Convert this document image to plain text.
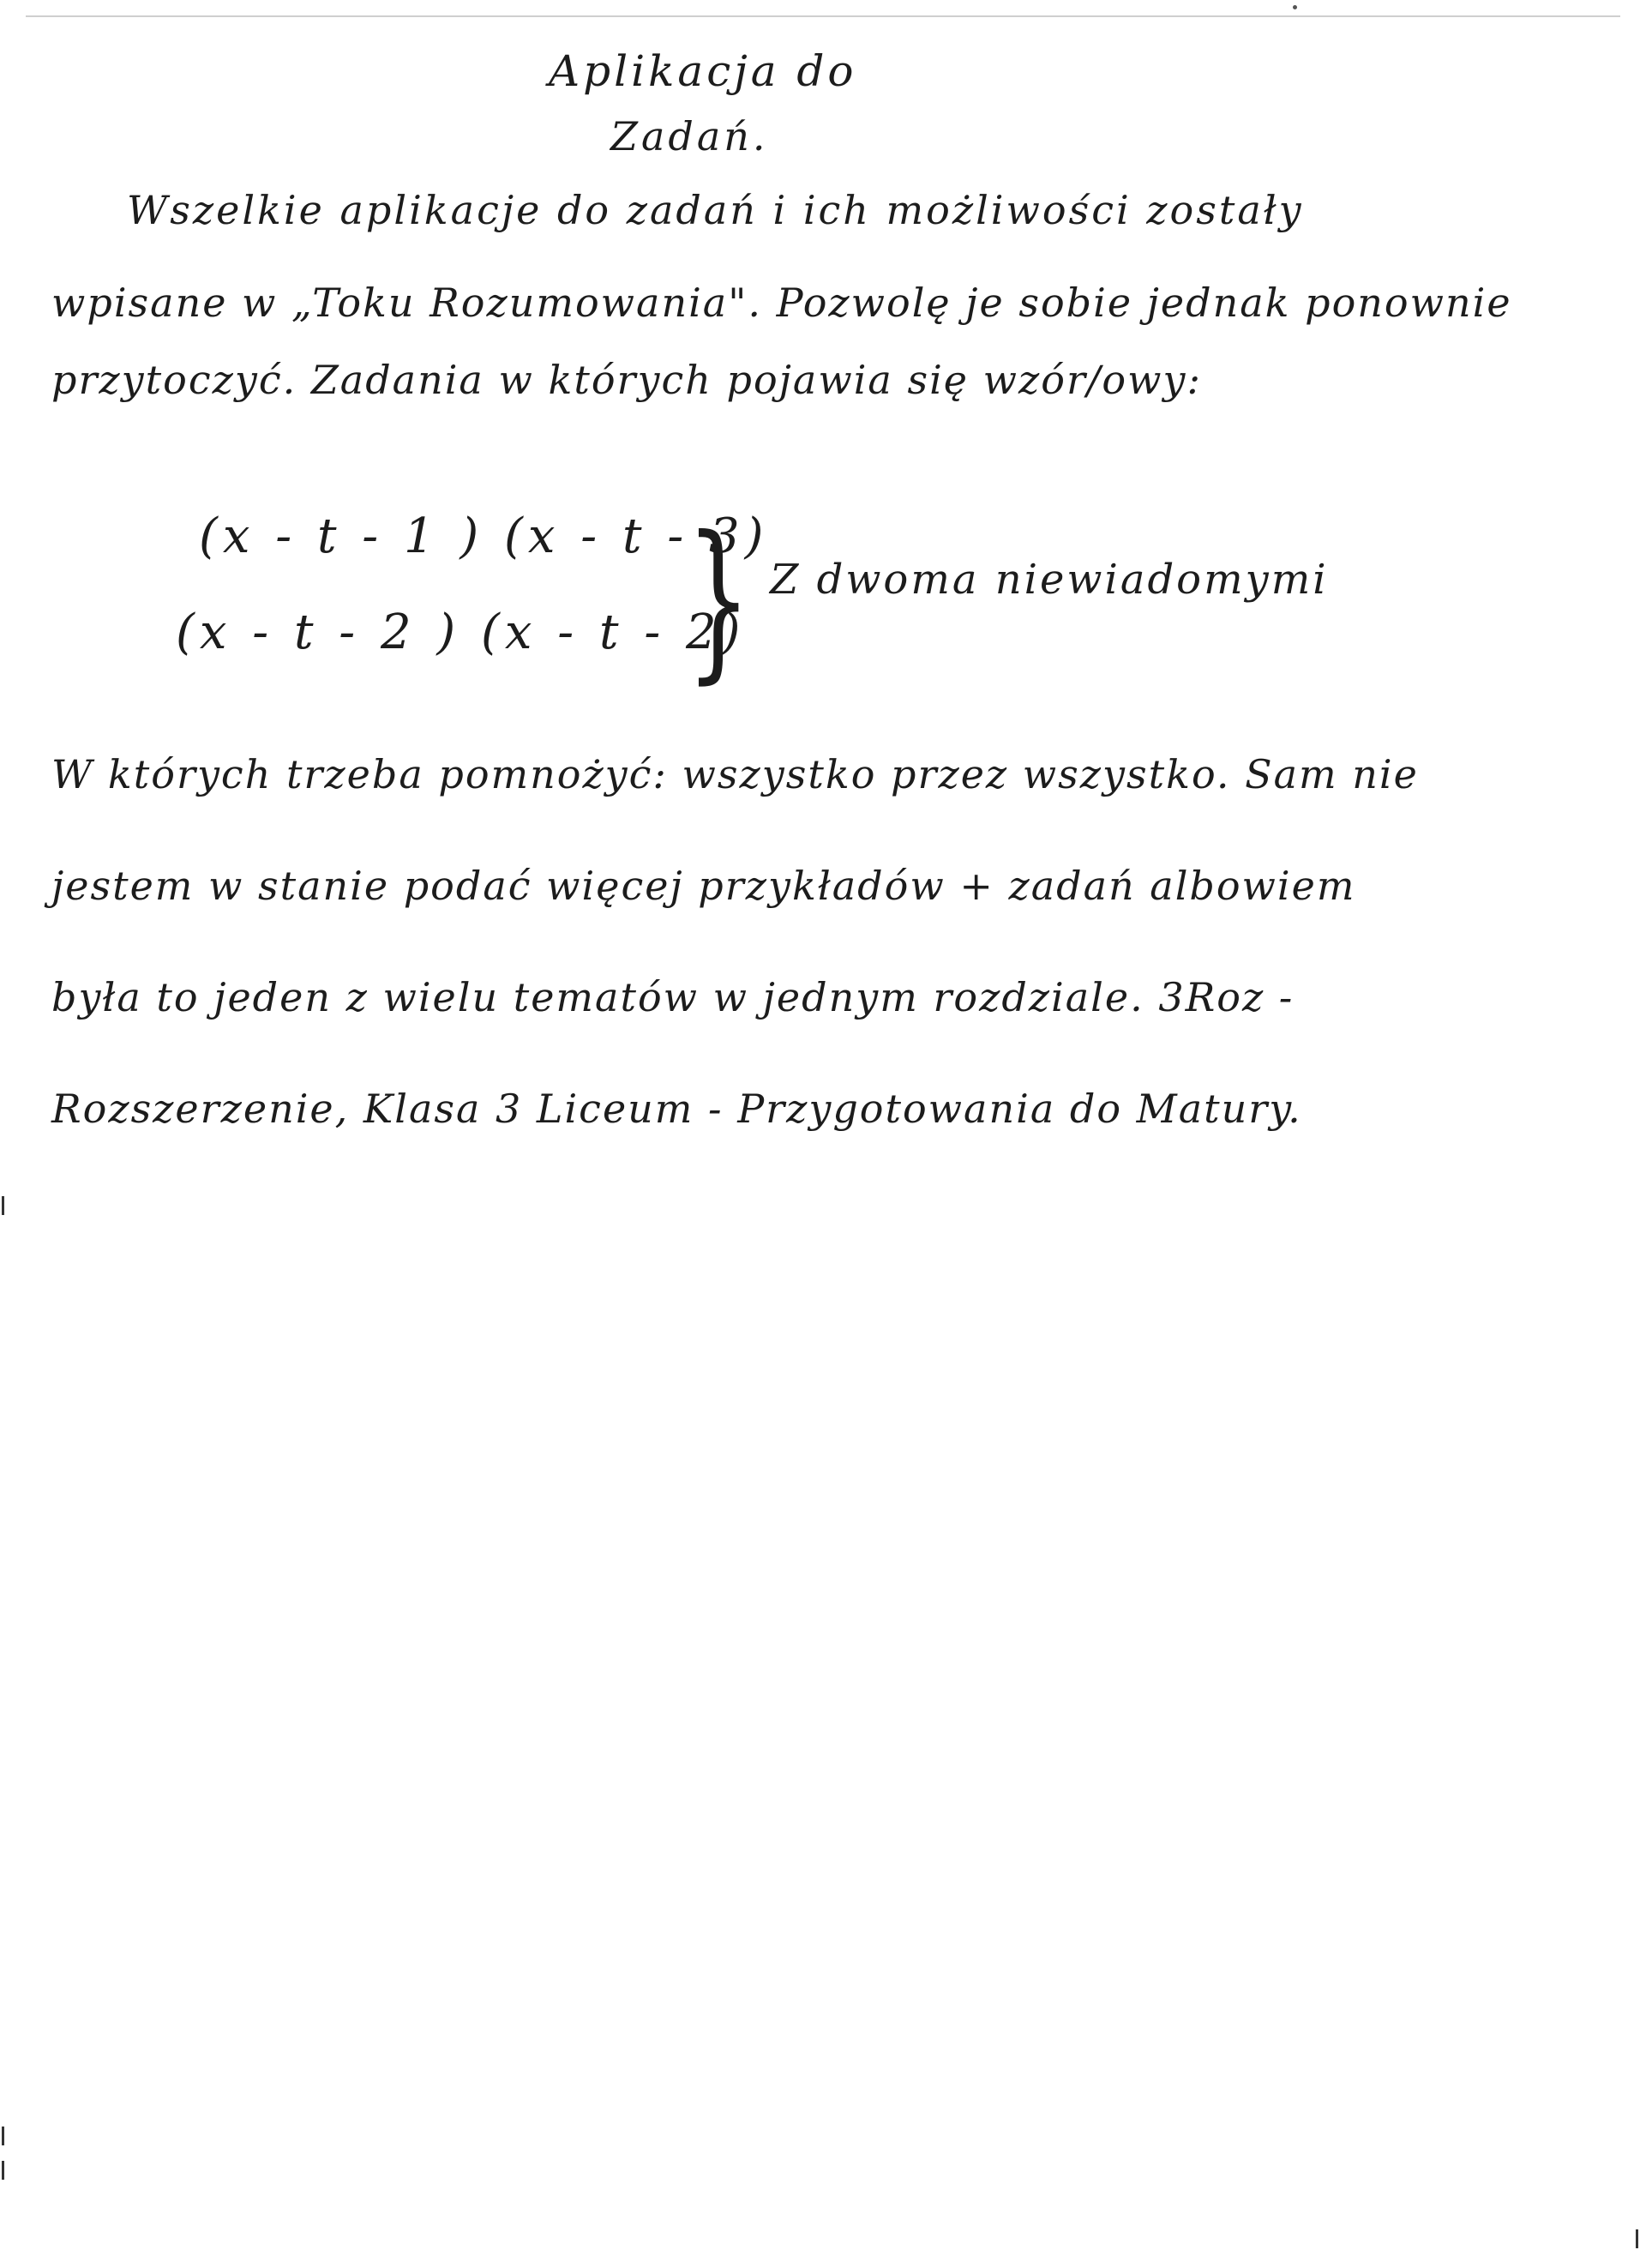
Aplikacja do
Zadań.
Wszelkie aplikacje do zadań i ich możliwości zostały
wpisane w „Toku Rozumowania". Pozwolę je sobie jednak ponownie
przytoczyć. Zadania w których pojawia się wzór/owy:
(x - t - 1 ) (x - t - 3)
(x - t - 2 ) (x - t - 2)
} Z dwoma niewiadomymi
W których trzeba pomnożyć: wszystko przez wszystko. Sam nie
jestem w stanie podać więcej przykładów + zadań albowiem
była to jeden z wielu tematów w jednym rozdziale. 3Roz -
Rozszerzenie, Klasa 3 Liceum - Przygotowania do Matury.
